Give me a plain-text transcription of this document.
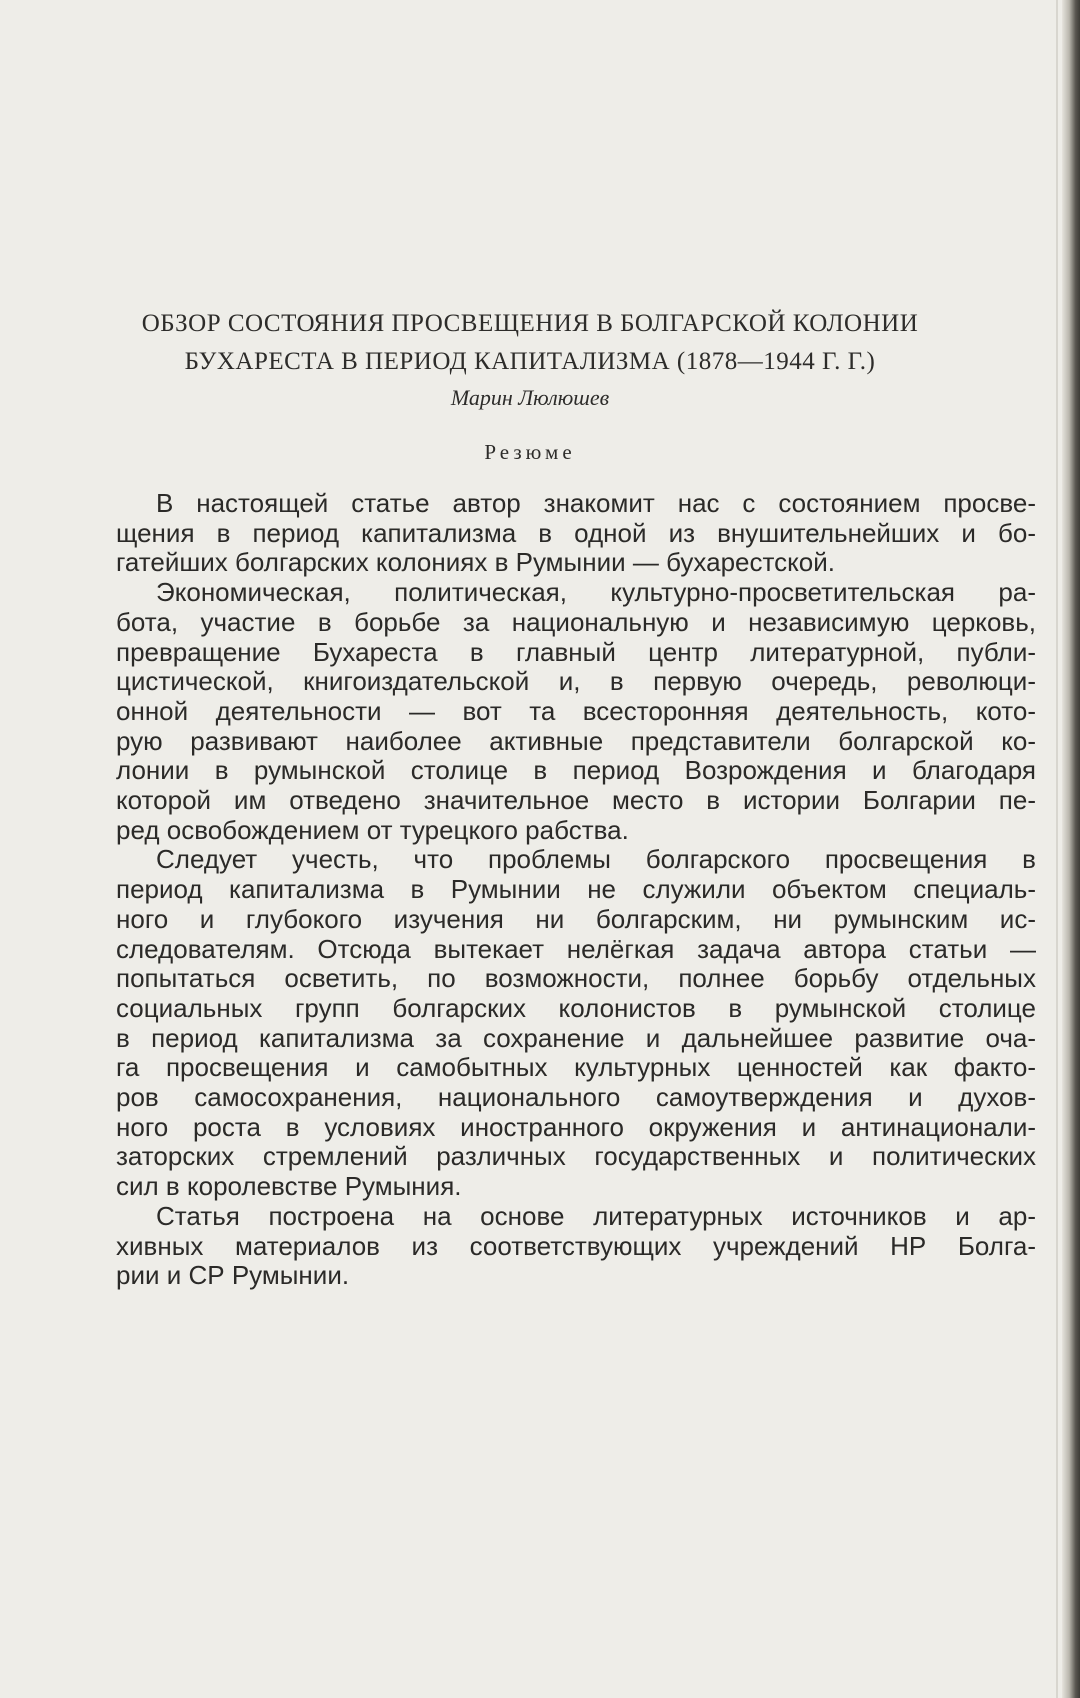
ОБЗОР СОСТОЯНИЯ ПРОСВЕЩЕНИЯ В БОЛГАРСКОЙ КОЛОНИИ
БУХАРЕСТА В ПЕРИОД КАПИТАЛИЗМА (1878—1944 Г. Г.)
Марин Люлюшев
Резюме
В настоящей статье автор знакомит нас с состоянием просве-
щения в период капитализма в одной из внушительнейших и бо-
гатейших болгарских колониях в Румынии — бухарестской.
Экономическая, политическая, культурно-просветительская ра-
бота, участие в борьбе за национальную и независимую церковь,
превращение Бухареста в главный центр литературной, публи-
цистической, книгоиздательской и, в первую очередь, революци-
онной деятельности — вот та всесторонняя деятельность, кото-
рую развивают наиболее активные представители болгарской ко-
лонии в румынской столице в период Возрождения и благодаря
которой им отведено значительное место в истории Болгарии пе-
ред освобождением от турецкого рабства.
Следует учесть, что проблемы болгарского просвещения в
период капитализма в Румынии не служили объектом специаль-
ного и глубокого изучения ни болгарским, ни румынским ис-
следователям. Отсюда вытекает нелёгкая задача автора статьи —
попытаться осветить, по возможности, полнее борьбу отдельных
социальных групп болгарских колонистов в румынской столице
в период капитализма за сохранение и дальнейшее развитие оча-
га просвещения и самобытных культурных ценностей как факто-
ров самосохранения, национального самоутверждения и духов-
ного роста в условиях иностранного окружения и антинационали-
заторских стремлений различных государственных и политических
сил в королевстве Румыния.
Статья построена на основе литературных источников и ар-
хивных материалов из соответствующих учреждений НР Болга-
рии и СР Румынии.
